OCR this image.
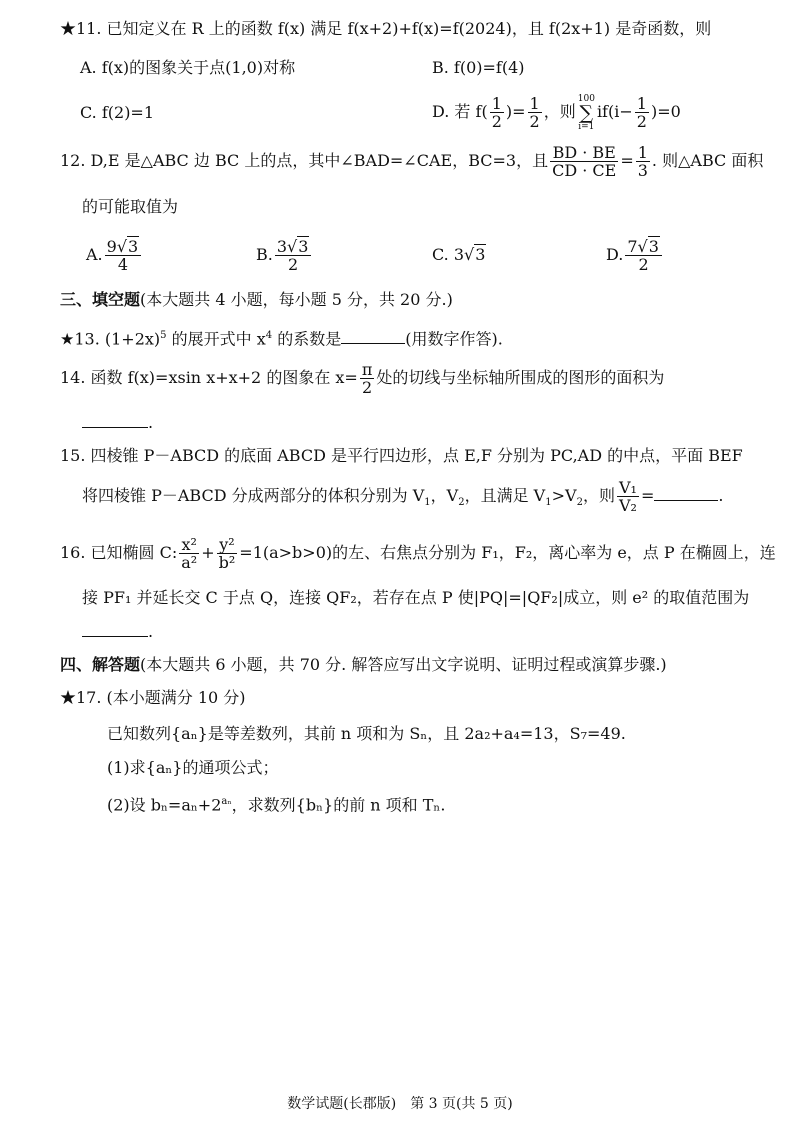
★11. 已知定义在 R 上的函数 f(x) 满足 f(x+2)+f(x)=f(2024)，且 f(2x+1) 是奇函数，则
A. f(x)的图象关于点(1,0)对称	B. f(0)=f(4)
C. f(2)=1	D. 若 $f( \frac{1}{2}$ )= $\frac{1}{2}$ ，则
100
∑
i=1
$if(i- \frac{1}{2} )=0$
12. D,E 是△ABC 边 BC 上的点，其中∠BAD=∠CAE，BC=3，且 $\frac{BD \cdot BE}{CD \cdot CE} = \frac{1}{3}$ . 则△ABC 面积
的可能取值为
A. $\frac{9√3}{4}$	B. $\frac{3√3}{2}$	C. 3√3	D. $\frac{7√3}{2}$
三、填空题(本大题共 4 小题，每小题 5 分，共 20 分.)
★13. $(1+2x)^5$ 的展开式中 $x^4$ 的系数是	(用数字作答).
14. 函数 f(x)=xsin x+x+2 的图象在 $x= \frac{\pi}{2}$ 处的切线与坐标轴所围成的图形的面积为
.
15. 四棱锥 P－ABCD 的底面 ABCD 是平行四边形，点 E,F 分别为 PC,AD 的中点，平面 BEF
将四棱锥 P－ABCD 分成两部分的体积分别为 $V_1$，$V_2$，且满足 $V_1>V_2$，则 $\frac{\text{V₁}}{\text{V₂}}$ =	.
16. 已知椭圆 C: $\frac{\text{x²}}{\text{a²}} + \frac{\text{y²}}{\text{b²}} =1(a>b>0)$的左、右焦点分别为 F₁，F₂，离心率为 e，点 P 在椭圆上，连
接 PF₁ 并延长交 C 于点 Q，连接 QF₂，若存在点 P 使|PQ|=|QF₂|成立，则 e² 的取值范围为
.
四、解答题(本大题共 6 小题，共 70 分. 解答应写出文字说明、证明过程或演算步骤.)
★17. (本小题满分 10 分)
已知数列{aₙ}是等差数列，其前 n 项和为 Sₙ，且 2a₂+a₄=13，S₇=49.
(1)求{aₙ}的通项公式；
(2)设 $b_n=a_n+2^{a_n}$，求数列{bₙ}的前 n 项和 Tₙ.
数学试题(长郡版)　第 3 页(共 5 页)
